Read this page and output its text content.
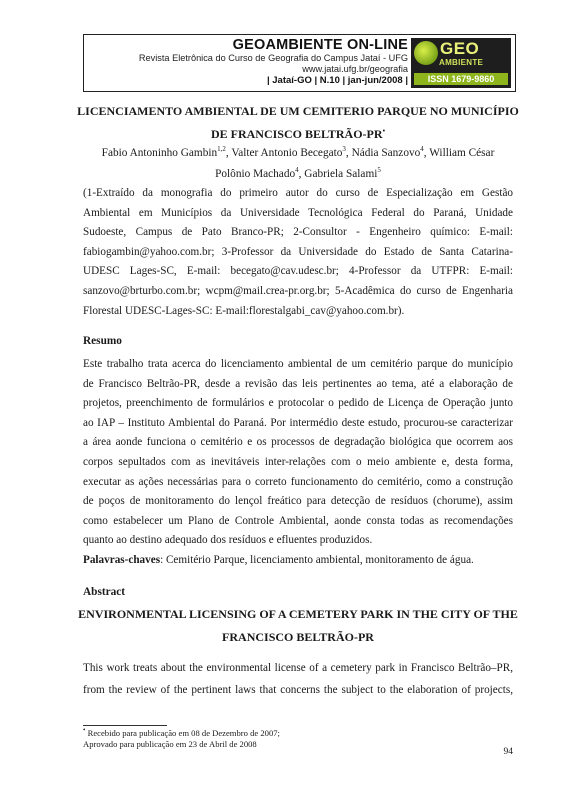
GEOAMBIENTE ON-LINE
Revista Eletrônica do Curso de Geografia do Campus Jataí - UFG
www.jatai.ufg.br/geografia
| Jataí-GO | N.10 | jan-jun/2008 |
GEO
AMBIENTE
ISSN 1679-9860
LICENCIAMENTO AMBIENTAL DE UM CEMITERIO PARQUE NO MUNICÍPIO
DE FRANCISCO BELTRÃO-PR•
Fabio Antoninho Gambin$^{1,2}$, Valter Antonio Becegato$^3$, Nádia Sanzovo$^4$, William César
Polônio Machado$^4$, Gabriela Salami$^5$
(1-Extraído da monografia do primeiro autor do curso de Especialização em Gestão
Ambiental em Municípios da Universidade Tecnológica Federal do Paraná, Unidade
Sudoeste, Campus de Pato Branco-PR; 2-Consultor - Engenheiro químico: E-mail:
fabiogambin@yahoo.com.br; 3-Professor da Universidade do Estado de Santa Catarina-
UDESC Lages-SC, E-mail: becegato@cav.udesc.br; 4-Professor da UTFPR: E-mail:
sanzovo@brturbo.com.br; wcpm@mail.crea-pr.org.br; 5-Acadêmica do curso de Engenharia
Florestal UDESC-Lages-SC: E-mail:florestalgabi_cav@yahoo.com.br).
Resumo
Este trabalho trata acerca do licenciamento ambiental de um cemitério parque do município
de Francisco Beltrão-PR, desde a revisão das leis pertinentes ao tema, até a elaboração de
projetos, preenchimento de formulários e protocolar o pedido de Licença de Operação junto
ao IAP – Instituto Ambiental do Paraná. Por intermédio deste estudo, procurou-se caracterizar
a área aonde funciona o cemitério e os processos de degradação biológica que ocorrem aos
corpos sepultados com as inevitáveis inter-relações com o meio ambiente e, desta forma,
executar as ações necessárias para o correto funcionamento do cemitério, como a construção
de poços de monitoramento do lençol freático para detecção de resíduos (chorume), assim
como estabelecer um Plano de Controle Ambiental, aonde consta todas as recomendações
quanto ao destino adequado dos resíduos e efluentes produzidos.
Palavras-chaves: Cemitério Parque, licenciamento ambiental, monitoramento de água.
Abstract
ENVIRONMENTAL LICENSING OF A CEMETERY PARK IN THE CITY OF THE
FRANCISCO BELTRÃO-PR
This work treats about the environmental license of a cemetery park in Francisco Beltrão–PR,
from the review of the pertinent laws that concerns the subject to the elaboration of projects,
• Recebido para publicação em 08 de Dezembro de 2007;
Aprovado para publicação em 23 de Abril de 2008
94
